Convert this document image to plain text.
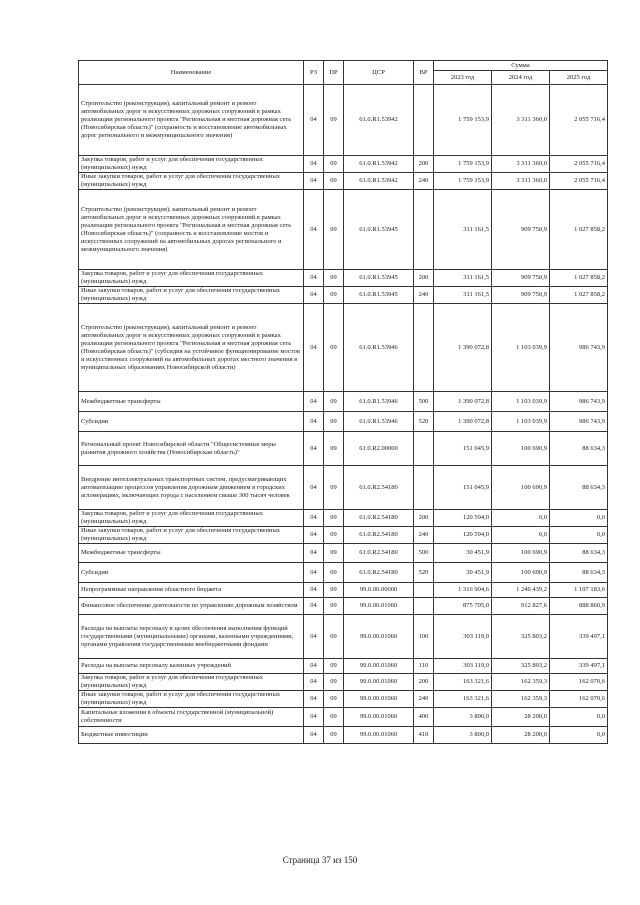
Наименование	РЗ	ПР	ЦСР	ВР	Сумма		
					2023 год	2024 год	2025 год
Строительство (реконструкция), капитальный ремонт и ремонт автомобильных дорог и искусственных дорожных сооружений в рамках реализации регионального проекта "Региональная и местная дорожная сеть (Новосибирская область)" (сохранность и восстановление автомобильных дорог регионального и межмуниципального значения)	04	09	61.0.R1.53942		1 759 153,9	3 311 360,0	2 055 716,4
Закупка товаров, работ и услуг для обеспечения государственных (муниципальных) нужд	04	09	61.0.R1.53942	200	1 759 153,9	3 311 360,0	2 055 716,4
Иные закупки товаров, работ и услуг для обеспечения государственных (муниципальных) нужд	04	09	61.0.R1.53942	240	1 759 153,9	3 311 360,0	2 055 716,4
Строительство (реконструкция), капитальный ремонт и ремонт автомобильных дорог и искусственных дорожных сооружений в рамках реализации регионального проекта "Региональная и местная дорожная сеть (Новосибирская область)" (сохранность и восстановление мостов и искусственных сооружений на автомобильных дорогах регионального и межмуниципального значения)	04	09	61.0.R1.53945		311 161,5	909 750,9	1 027 858,2
Закупка товаров, работ и услуг для обеспечения государственных (муниципальных) нужд	04	09	61.0.R1.53945	200	311 161,5	909 750,9	1 027 858,2
Иные закупки товаров, работ и услуг для обеспечения государственных (муниципальных) нужд	04	09	61.0.R1.53945	240	311 161,5	909 750,9	1 027 858,2
Строительство (реконструкция), капитальный ремонт и ремонт автомобильных дорог и искусственных дорожных сооружений в рамках реализации регионального проекта "Региональная и местная дорожная сеть (Новосибирская область)" (субсидия на устойчивое функционирование мостов и искусственных сооружений на автомобильных дорогах местного значения в муниципальных образованиях Новосибирской области)	04	09	61.0.R1.53946		1 390 072,8	1 103 039,9	986 743,9
Межбюджетные трансферты	04	09	61.0.R1.53946	500	1 390 072,8	1 103 039,9	986 743,9
Субсидии	04	09	61.0.R1.53946	520	1 390 072,8	1 103 039,9	986 743,9
Региональный проект Новосибирской области "Общесистемные меры развития дорожного хозяйства (Новосибирская область)"	04	09	61.0.R2.00000		151 045,9	100 690,9	88 634,3
Внедрение интеллектуальных транспортных систем, предусматривающих автоматизацию процессов управления дорожным движением в городских агломерациях, включающих города с населением свыше 300 тысяч человек	04	09	61.0.R2.54180		151 045,9	100 690,9	88 634,3
Закупка товаров, работ и услуг для обеспечения государственных (муниципальных) нужд	04	09	61.0.R2.54180	200	120 594,0	0,0	0,0
Иные закупки товаров, работ и услуг для обеспечения государственных (муниципальных) нужд	04	09	61.0.R2.54180	240	120 594,0	0,0	0,0
Межбюджетные трансферты	04	09	61.0.R2.54180	500	30 451,9	100 690,9	88 634,3
Субсидии	04	09	61.0.R2.54180	520	30 451,9	100 690,9	88 634,3
Непрограммные направления областного бюджета	04	09	99.0.00.00000		1 316 904,6	1 246 439,2	1 197 183,6
Финансовое обеспечение деятельности по управлению дорожным хозяйством	04	09	99.0.00.01060		875 705,0	912 827,6	888 860,9
Расходы на выплаты персоналу в целях обеспечения выполнения функций государственными (муниципальными) органами, казенными учреждениями, органами управления государственными внебюджетными фондами	04	09	99.0.00.01060	100	303 119,0	325 803,2	339 497,1
Расходы на выплаты персоналу казенных учреждений	04	09	99.0.00.01060	110	303 119,0	325 803,2	339 497,1
Закупка товаров, работ и услуг для обеспечения государственных (муниципальных) нужд	04	09	99.0.00.01060	200	163 321,6	162 359,3	162 070,6
Иные закупки товаров, работ и услуг для обеспечения государственных (муниципальных) нужд	04	09	99.0.00.01060	240	163 321,6	162 359,3	162 070,6
Капитальные вложения в объекты государственной (муниципальной) собственности	04	09	99.0.00.01060	400	3 800,0	28 200,0	0,0
Бюджетные инвестиции	04	09	99.0.00.01060	410	3 800,0	28 200,0	0,0
Страница 37 из 150
